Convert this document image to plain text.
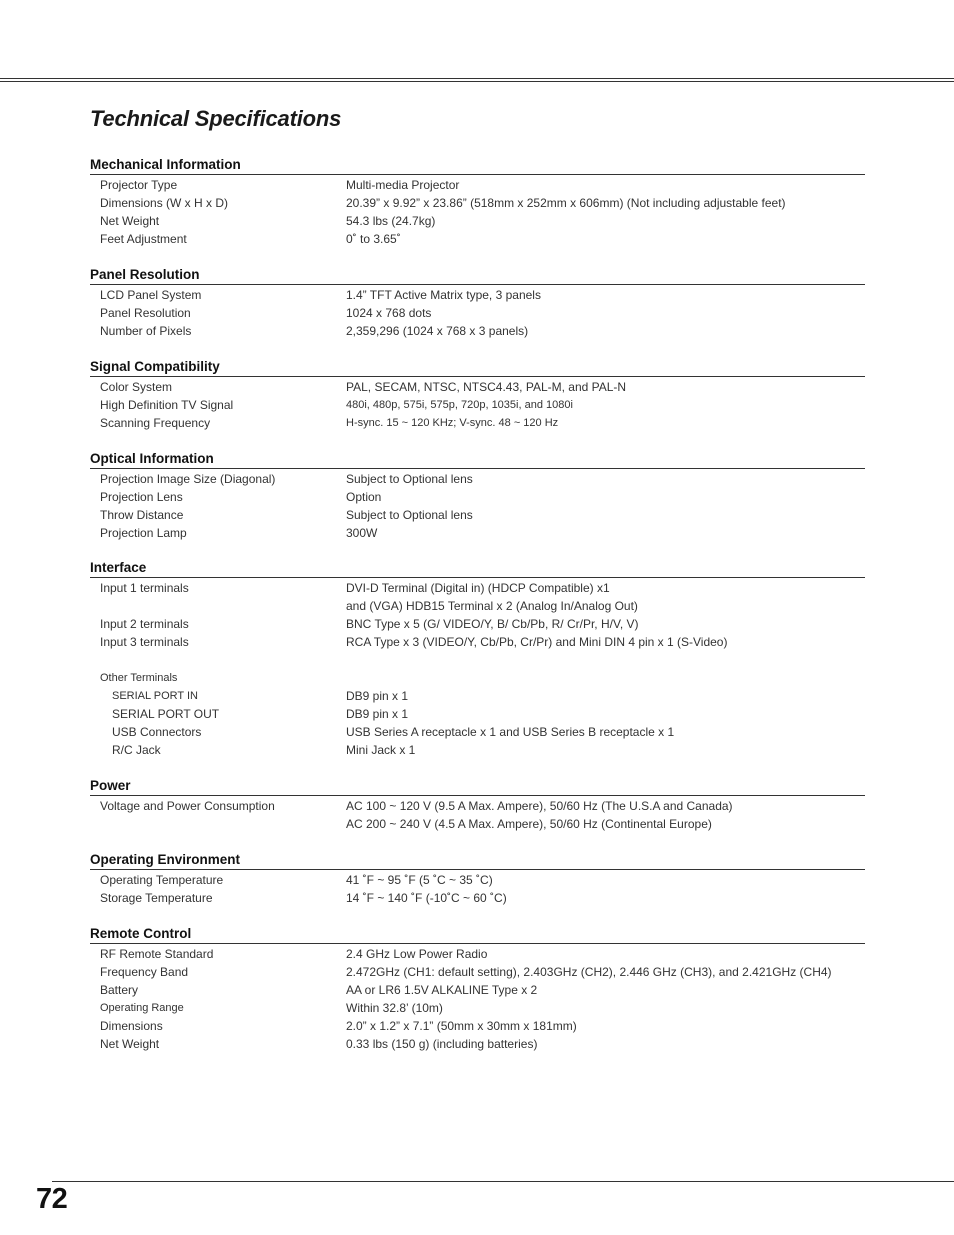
Technical Specifications
Mechanical Information
Projector Type	Multi-media Projector
Dimensions (W x H x D)	20.39” x 9.92” x 23.86” (518mm x 252mm x 606mm) (Not including adjustable feet)
Net Weight	54.3 lbs (24.7kg)
Feet Adjustment	0˚ to 3.65˚
Panel Resolution
LCD Panel System	1.4” TFT Active Matrix type, 3 panels
Panel Resolution	1024 x 768 dots
Number of Pixels	2,359,296 (1024 x 768 x 3 panels)
Signal Compatibility
Color System	PAL, SECAM, NTSC, NTSC4.43, PAL-M, and PAL-N
High Definition TV Signal	480i, 480p, 575i, 575p, 720p, 1035i, and 1080i
Scanning Frequency	H-sync. 15 ~ 120 KHz; V-sync. 48 ~ 120 Hz
Optical Information
Projection Image Size (Diagonal)	Subject to Optional lens
Projection Lens	Option
Throw Distance	Subject to Optional lens
Projection Lamp	300W
Interface
Input 1 terminals	DVI-D Terminal (Digital in) (HDCP Compatible) x1
and (VGA) HDB15 Terminal x 2 (Analog In/Analog Out)
Input 2 terminals	BNC Type x 5 (G/ VIDEO/Y, B/ Cb/Pb, R/ Cr/Pr, H/V, V)
Input 3 terminals	RCA Type x 3 (VIDEO/Y, Cb/Pb, Cr/Pr) and Mini DIN 4 pin x 1 (S-Video)
Other Terminals
SERIAL PORT IN	DB9 pin x 1
SERIAL PORT OUT	DB9 pin x 1
USB Connectors	USB Series A receptacle x 1 and USB Series B receptacle x 1
R/C Jack	Mini Jack x 1
Power
Voltage and Power Consumption	AC 100 ~ 120 V (9.5 A Max. Ampere), 50/60 Hz (The U.S.A and Canada)
AC 200 ~ 240 V (4.5 A Max. Ampere), 50/60 Hz (Continental Europe)
Operating Environment
Operating Temperature	41 ˚F ~ 95 ˚F (5 ˚C ~ 35 ˚C)
Storage Temperature	14 ˚F ~ 140 ˚F (-10˚C ~ 60 ˚C)
Remote Control
RF Remote Standard	2.4 GHz Low Power Radio
Frequency Band	2.472GHz (CH1: default setting), 2.403GHz (CH2), 2.446 GHz (CH3), and 2.421GHz (CH4)
Battery	AA or LR6 1.5V ALKALINE Type x 2
Operating Range	Within 32.8’ (10m)
Dimensions	2.0” x 1.2” x 7.1” (50mm x 30mm x 181mm)
Net Weight	0.33 lbs (150 g) (including batteries)
72
